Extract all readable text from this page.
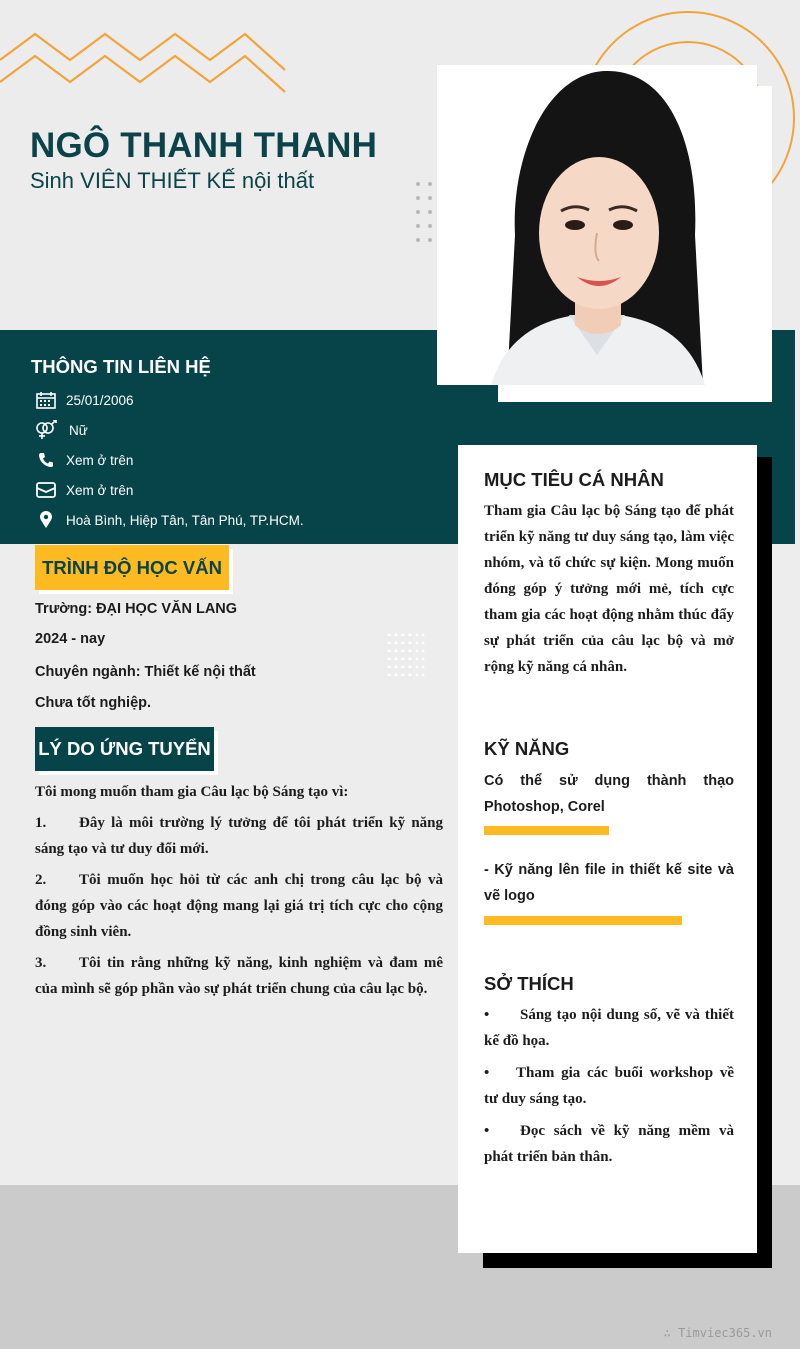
NGÔ THANH THANH
Sinh VIÊN THIẾT KẾ nội thất
THÔNG TIN LIÊN HỆ
25/01/2006
Nữ
Xem ở trên
Xem ở trên
Hoà Bình, Hiệp Tân, Tân Phú, TP.HCM.
TRÌNH ĐỘ HỌC VẤN
Trường: ĐẠI HỌC VĂN LANG
2024 - nay
Chuyên ngành: Thiết kế nội thất
Chưa tốt nghiệp.
LÝ DO ỨNG TUYỂN

Tôi mong muốn tham gia Câu lạc bộ Sáng tạo vì:

1. Đây là môi trường lý tưởng để tôi phát triển kỹ năng sáng tạo và tư duy đổi mới.

2. Tôi muốn học hỏi từ các anh chị trong câu lạc bộ và đóng góp vào các hoạt động mang lại giá trị tích cực cho cộng đồng sinh viên.

3. Tôi tin rằng những kỹ năng, kinh nghiệm và đam mê của mình sẽ góp phần vào sự phát triển chung của câu lạc bộ.

MỤC TIÊU CÁ NHÂN
Tham gia Câu lạc bộ Sáng tạo để phát triển kỹ năng tư duy sáng tạo, làm việc nhóm, và tổ chức sự kiện. Mong muốn đóng góp ý tưởng mới mẻ, tích cực tham gia các hoạt động nhằm thúc đẩy sự phát triển của câu lạc bộ và mở rộng kỹ năng cá nhân.
KỸ NĂNG
Có thể sử dụng thành thạo Photoshop, Corel
- Kỹ năng lên file in thiết kế site và vẽ logo
SỞ THÍCH

• Sáng tạo nội dung số, vẽ và thiết kế đồ họa.

• Tham gia các buổi workshop về tư duy sáng tạo.

• Đọc sách về kỹ năng mềm và phát triển bản thân.

∴ Timviec365.vn
